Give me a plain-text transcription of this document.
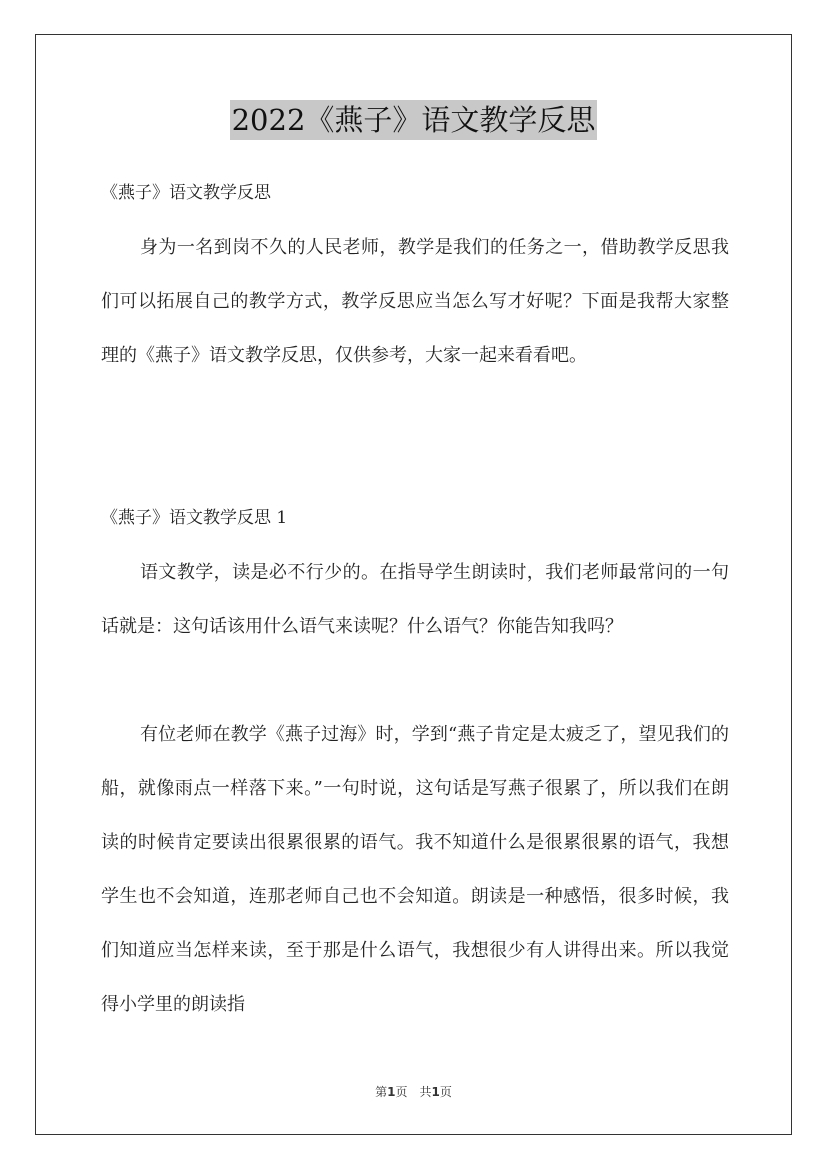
2022《燕子》语文教学反思
《燕子》语文教学反思

身为一名到岗不久的人民老师，教学是我们的任务之一，借助教学反思我们可以拓展自己的教学方式，教学反思应当怎么写才好呢？下面是我帮大家整理的《燕子》语文教学反思，仅供参考，大家一起来看看吧。

《燕子》语文教学反思 1

语文教学，读是必不行少的。在指导学生朗读时，我们老师最常问的一句话就是：这句话该用什么语气来读呢？什么语气？你能告知我吗？

有位老师在教学《燕子过海》时，学到“燕子肯定是太疲乏了，望见我们的船，就像雨点一样落下来。”一句时说，这句话是写燕子很累了，所以我们在朗读的时候肯定要读出很累很累的语气。我不知道什么是很累很累的语气，我想学生也不会知道，连那老师自己也不会知道。朗读是一种感悟，很多时候，我们知道应当怎样来读，至于那是什么语气，我想很少有人讲得出来。所以我觉得小学里的朗读指

第1页 共1页
